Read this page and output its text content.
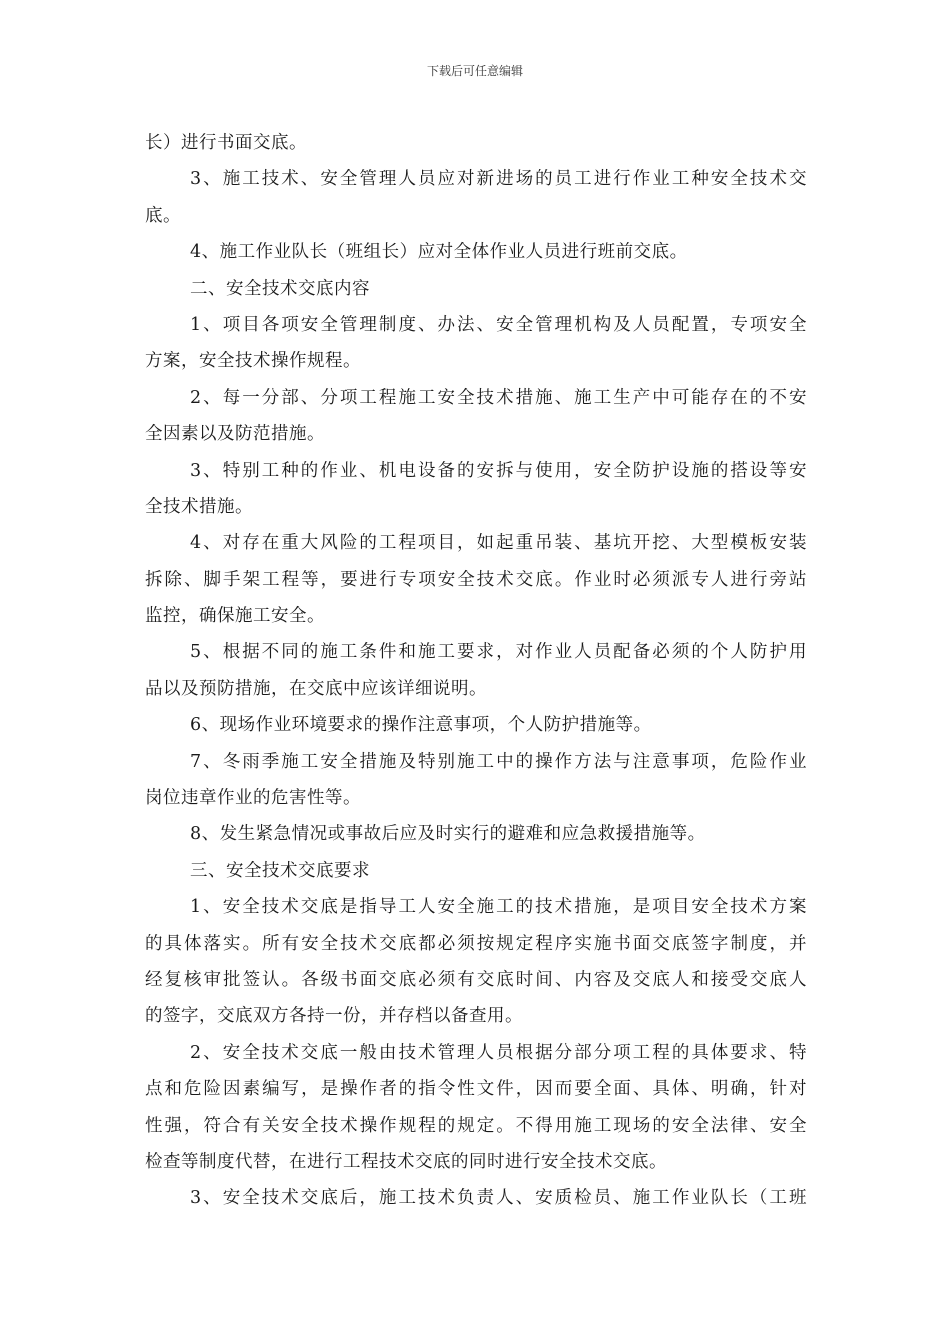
下载后可任意编辑
长）进行书面交底。
3、施工技术、安全管理人员应对新进场的员工进行作业工种安全技术交
底。
4、施工作业队长（班组长）应对全体作业人员进行班前交底。
二、安全技术交底内容
1、项目各项安全管理制度、办法、安全管理机构及人员配置，专项安全
方案，安全技术操作规程。
2、每一分部、分项工程施工安全技术措施、施工生产中可能存在的不安
全因素以及防范措施。
3、特别工种的作业、机电设备的安拆与使用，安全防护设施的搭设等安
全技术措施。
4、对存在重大风险的工程项目，如起重吊装、基坑开挖、大型模板安装
拆除、脚手架工程等，要进行专项安全技术交底。作业时必须派专人进行旁站
监控，确保施工安全。
5、根据不同的施工条件和施工要求，对作业人员配备必须的个人防护用
品以及预防措施，在交底中应该详细说明。
6、现场作业环境要求的操作注意事项，个人防护措施等。
7、冬雨季施工安全措施及特别施工中的操作方法与注意事项，危险作业
岗位违章作业的危害性等。
8、发生紧急情况或事故后应及时实行的避难和应急救援措施等。
三、安全技术交底要求
1、安全技术交底是指导工人安全施工的技术措施，是项目安全技术方案
的具体落实。所有安全技术交底都必须按规定程序实施书面交底签字制度，并
经复核审批签认。各级书面交底必须有交底时间、内容及交底人和接受交底人
的签字，交底双方各持一份，并存档以备查用。
2、安全技术交底一般由技术管理人员根据分部分项工程的具体要求、特
点和危险因素编写，是操作者的指令性文件，因而要全面、具体、明确，针对
性强，符合有关安全技术操作规程的规定。不得用施工现场的安全法律、安全
检查等制度代替，在进行工程技术交底的同时进行安全技术交底。
3、安全技术交底后，施工技术负责人、安质检员、施工作业队长（工班
